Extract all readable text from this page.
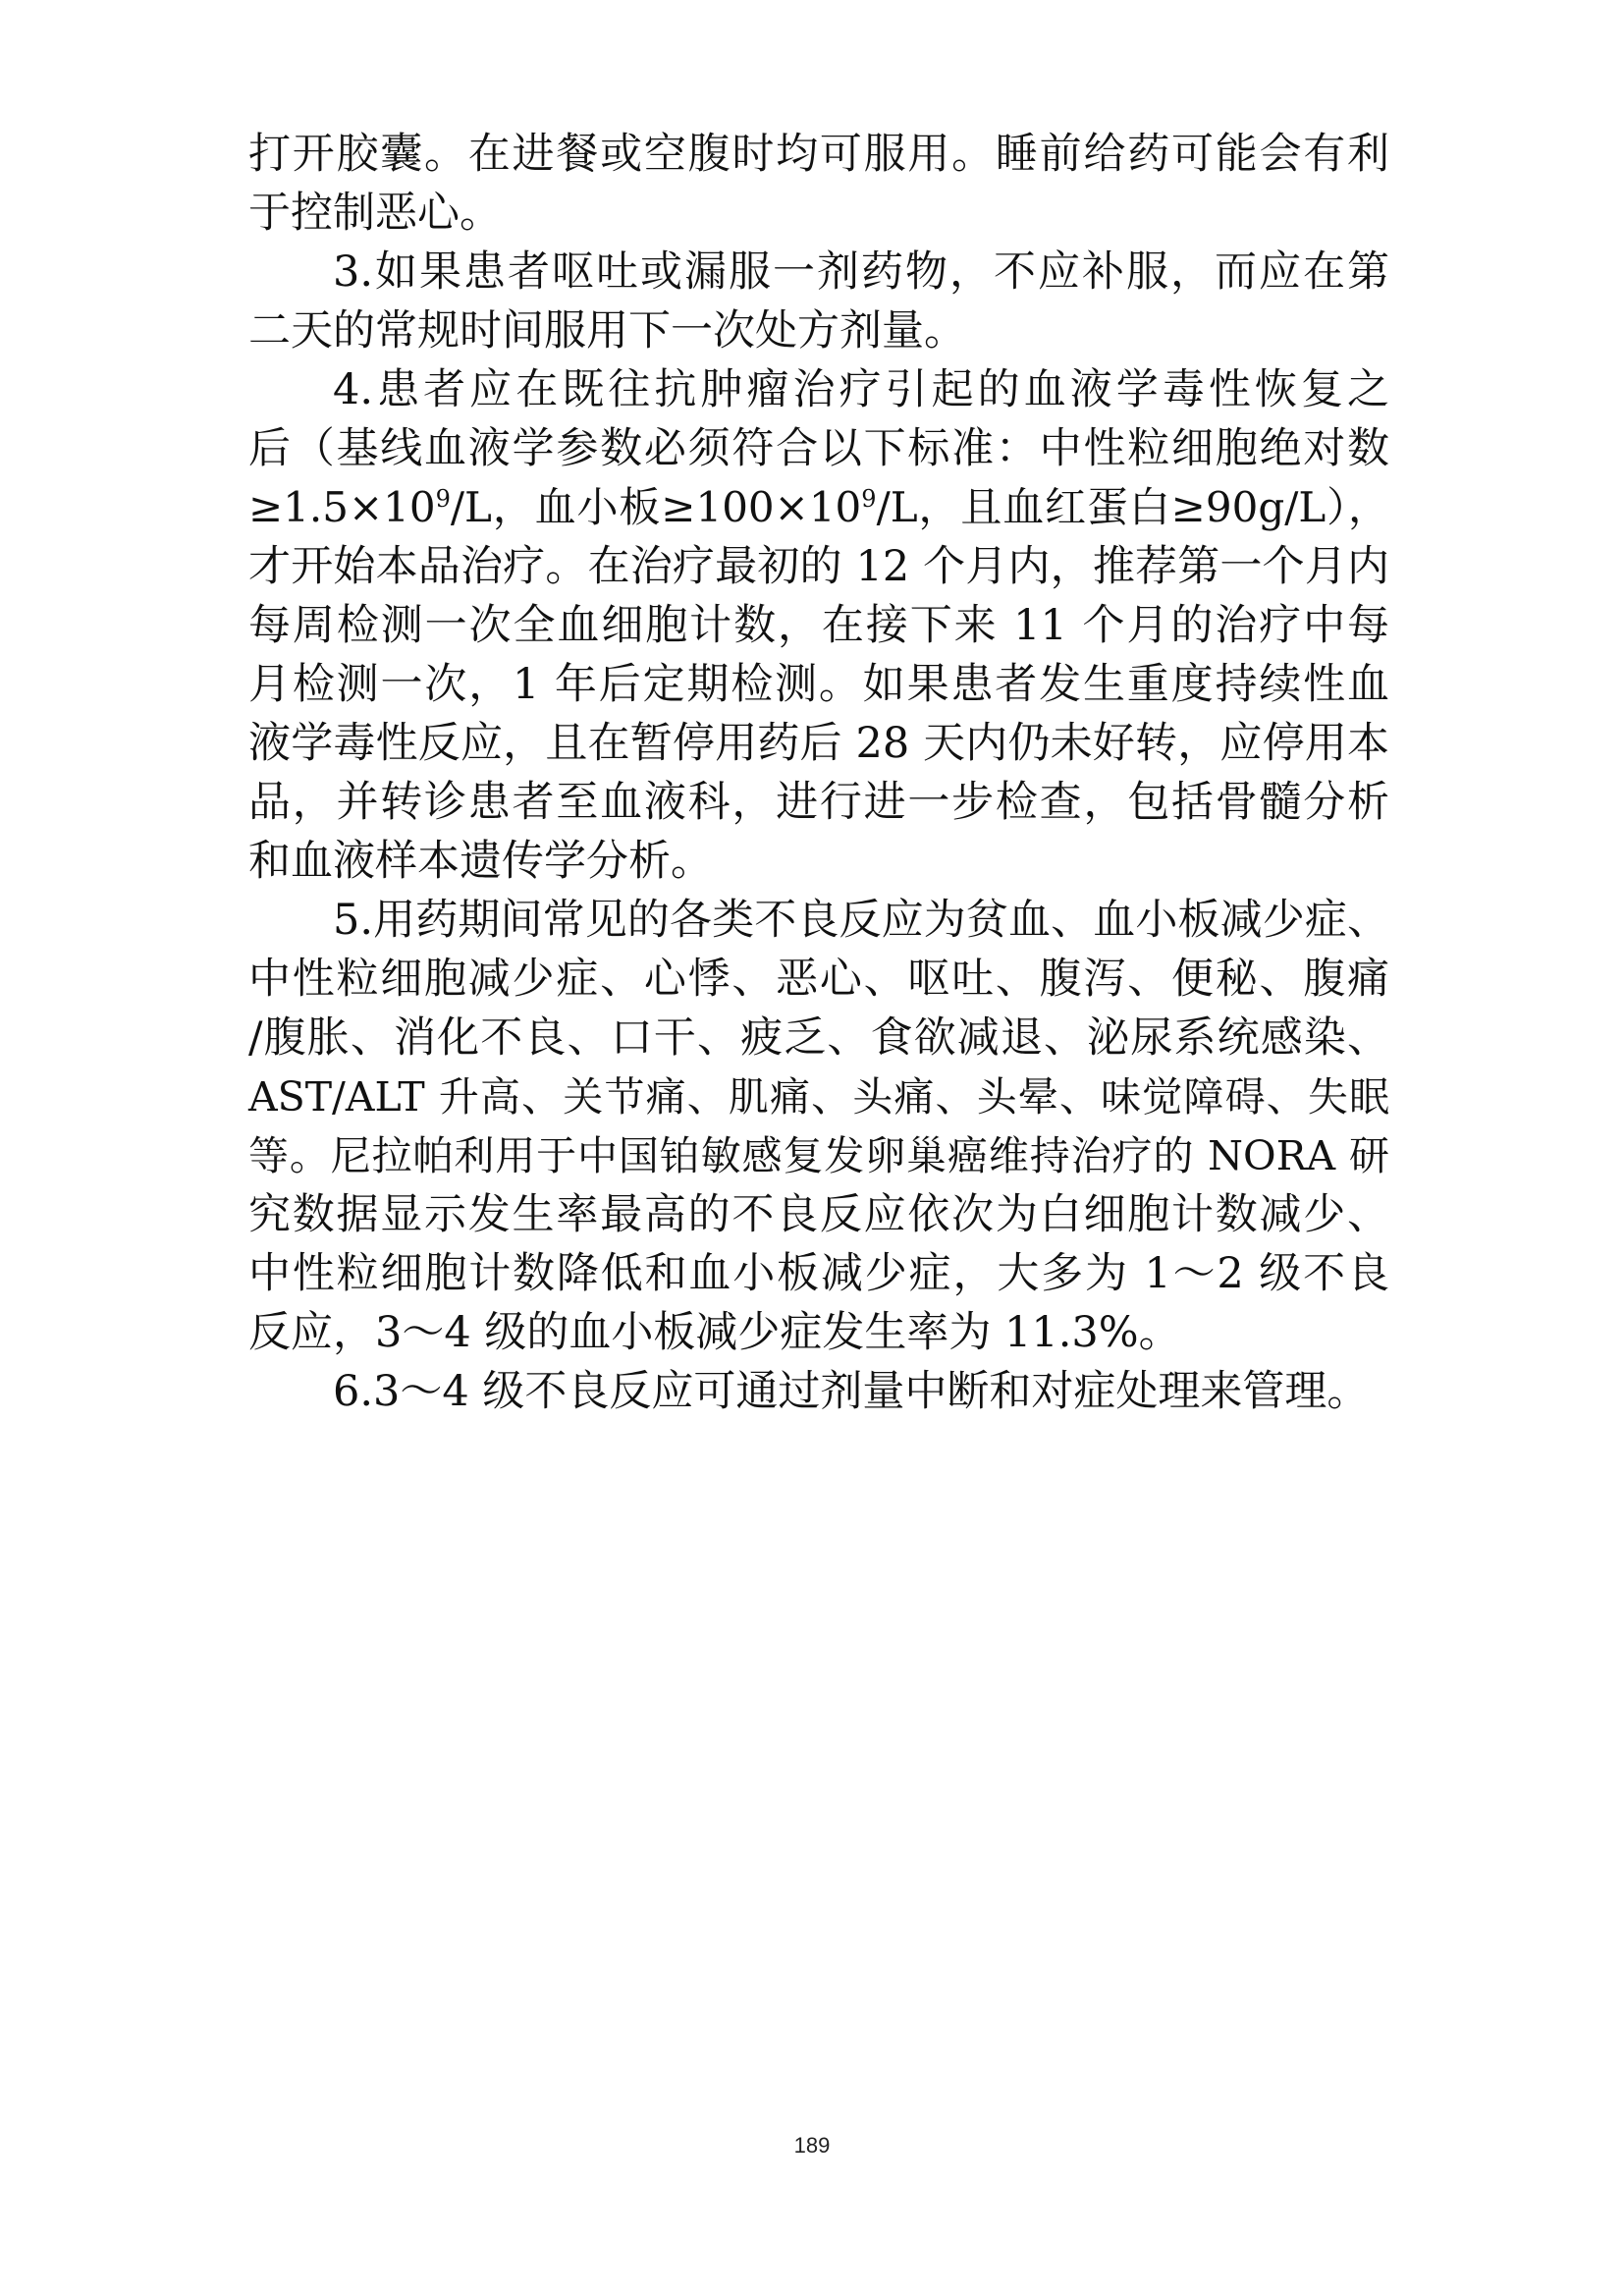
打开胶囊。在进餐或空腹时均可服用。睡前给药可能会有利
于控制恶心。
3.如果患者呕吐或漏服一剂药物，不应补服，而应在第
二天的常规时间服用下一次处方剂量。
4.患者应在既往抗肿瘤治疗引起的血液学毒性恢复之
后（基线血液学参数必须符合以下标准：中性粒细胞绝对数
$\ge 1.5\times 10^9/L$，血小板$\ge 100\times 10^9/L$，且血红蛋白≥90g/L），
才开始本品治疗。在治疗最初的 12 个月内，推荐第一个月内
每周检测一次全血细胞计数，在接下来 11 个月的治疗中每
月检测一次，1 年后定期检测。如果患者发生重度持续性血
液学毒性反应，且在暂停用药后 28 天内仍未好转，应停用本
品，并转诊患者至血液科，进行进一步检查，包括骨髓分析
和血液样本遗传学分析。
5.用药期间常见的各类不良反应为贫血、血小板减少症、
中性粒细胞减少症、心悸、恶心、呕吐、腹泻、便秘、腹痛
/腹胀、消化不良、口干、疲乏、食欲减退、泌尿系统感染、
AST/ALT 升高、关节痛、肌痛、头痛、头晕、味觉障碍、失眠
等。尼拉帕利用于中国铂敏感复发卵巢癌维持治疗的 NORA 研
究数据显示发生率最高的不良反应依次为白细胞计数减少、
中性粒细胞计数降低和血小板减少症，大多为 1～2 级不良
反应，3～4 级的血小板减少症发生率为 11.3%。
6.3～4 级不良反应可通过剂量中断和对症处理来管理。
189
